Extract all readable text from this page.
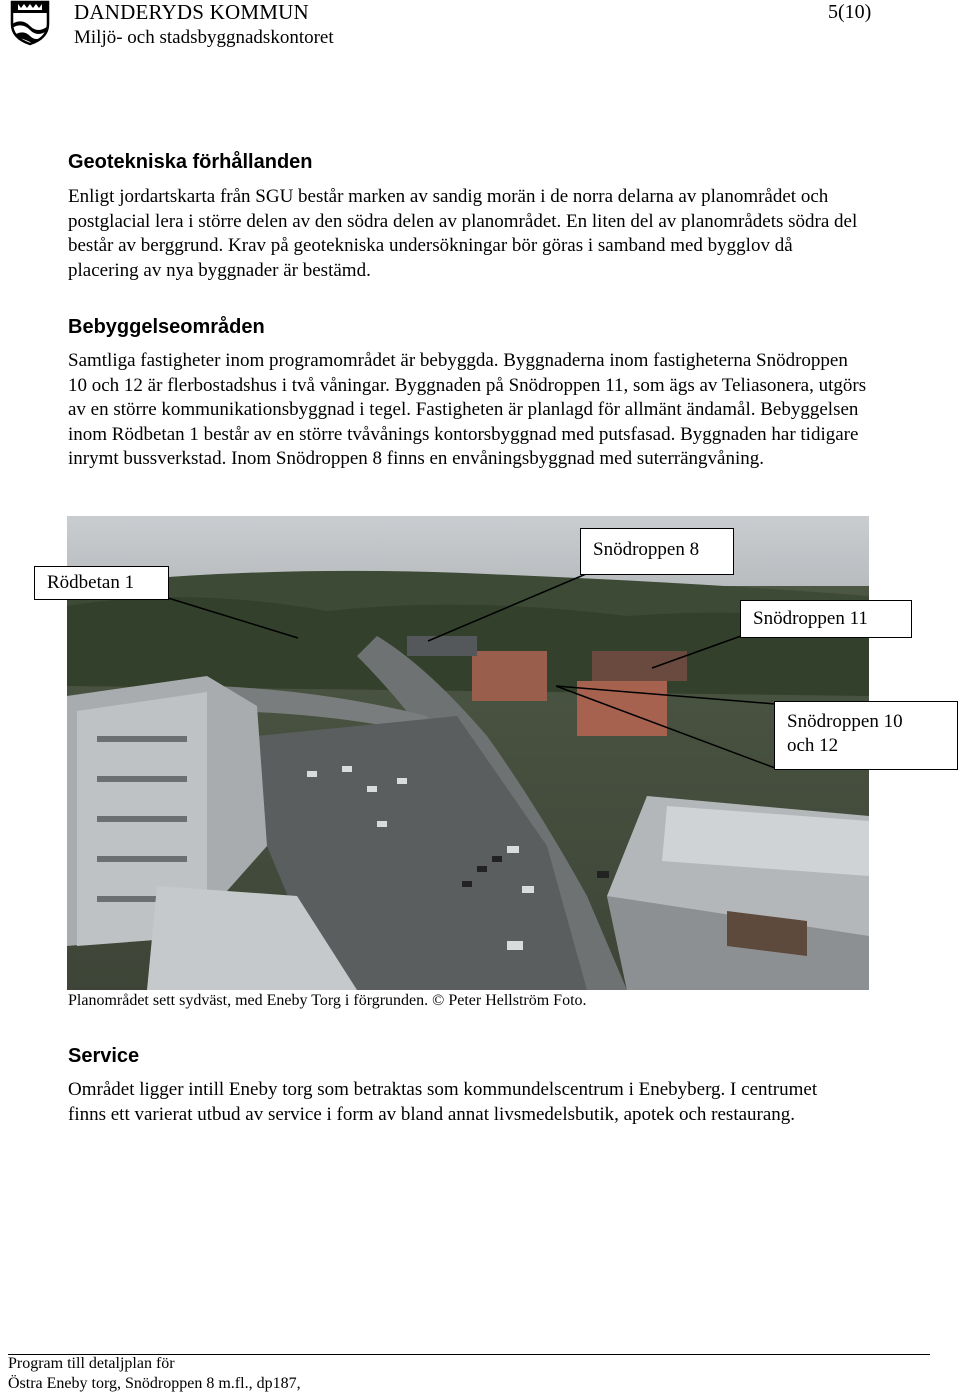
DANDERYDS KOMMUN
Miljö- och stadsbyggnadskontoret
5(10)
Geotekniska förhållanden

Enligt jordartskarta från SGU består marken av sandig morän i de norra delarna av planområdet och postglacial lera i större delen av den södra delen av planområdet. En liten del av planområdets södra del består av berggrund. Krav på geotekniska undersökningar bör göras i samband med bygglov då placering av nya byggnader är bestämd.

Bebyggelseområden

Samtliga fastigheter inom programområdet är bebyggda. Byggnaderna inom fastigheterna Snödroppen 10 och 12 är flerbostadshus i två våningar. Byggnaden på Snödroppen 11, som ägs av Teliasonera, utgörs av en större kommunikationsbyggnad i tegel. Fastigheten är planlagd för allmänt ändamål. Bebyggelsen inom Rödbetan 1 består av en större tvåvånings kontorsbyggnad med putsfasad. Byggnaden har tidigare inrymt bussverkstad. Inom Snödroppen 8 finns en envåningsbyggnad med suterrängvåning.

Rödbetan 1
Snödroppen 8
Snödroppen 11
Snödroppen 10
och 12
Planområdet sett sydväst, med Eneby Torg i förgrunden. © Peter Hellström Foto.
Service

Området ligger intill Eneby torg som betraktas som kommundelscentrum i Enebyberg. I centrumet finns ett varierat utbud av service i form av bland annat livsmedelsbutik, apotek och restaurang.

Program till detaljplan för
Östra Eneby torg, Snödroppen 8 m.fl., dp187,
